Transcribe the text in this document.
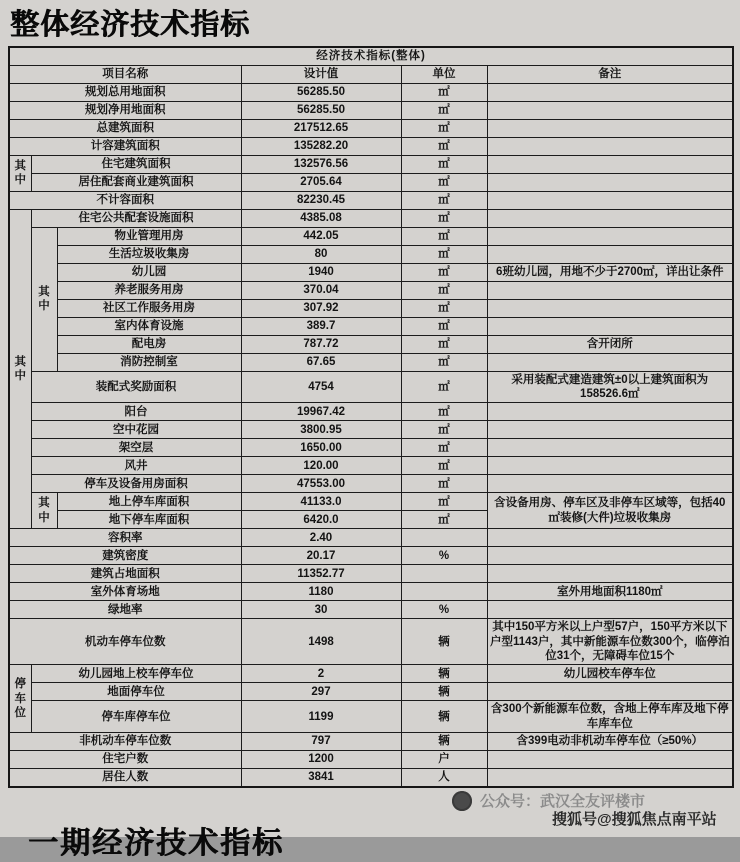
整体经济技术指标
经济技术指标(整体)					
项目名称			设计值	单位	备注
规划总用地面积			56285.50	㎡	
规划净用地面积			56285.50	㎡	
总建筑面积			217512.65	㎡	
计容建筑面积			135282.20	㎡	
其中	住宅建筑面积		132576.56	㎡	
	居住配套商业建筑面积		2705.64	㎡	
不计容面积			82230.45	㎡	
其中	住宅公共配套设施面积		4385.08	㎡	
	其中	物业管理用房	442.05	㎡	
		生活垃圾收集房	80	㎡	
		幼儿园	1940	㎡	6班幼儿园，用地不少于2700㎡，详出让条件
		养老服务用房	370.04	㎡	
		社区工作服务用房	307.92	㎡	
		室内体育设施	389.7	㎡	
		配电房	787.72	㎡	含开闭所
		消防控制室	67.65	㎡	
	装配式奖励面积		4754	㎡	采用装配式建造建筑±0以上建筑面积为158526.6㎡
	阳台		19967.42	㎡	
	空中花园		3800.95	㎡	
	架空层		1650.00	㎡	
	风井		120.00	㎡	
	停车及设备用房面积		47553.00	㎡	
	其中	地上停车库面积	41133.0	㎡	含设备用房、停车区及非停车区域等，包括40㎡装修(大件)垃圾收集房
		地下停车库面积	6420.0	㎡	
容积率			2.40		
建筑密度			20.17	%	
建筑占地面积			11352.77		
室外体育场地			1180		室外用地面积1180㎡
绿地率			30	%	
机动车停车位数			1498	辆	其中150平方米以上户型57户，150平方米以下户型1143户，其中新能源车位数300个，临停泊位31个，无障碍车位15个
停车位	幼儿园地上校车停车位		2	辆	幼儿园校车停车位
	地面停车位		297	辆	
	停车库停车位		1199	辆	含300个新能源车位数，含地上停车库及地下停车库车位
非机动车停车位数			797	辆	含399电动非机动车停车位（≥50%）
住宅户数			1200	户	
居住人数			3841	人	
一期经济技术指标
公众号：武汉全友评楼市
搜狐号@搜狐焦点南平站
